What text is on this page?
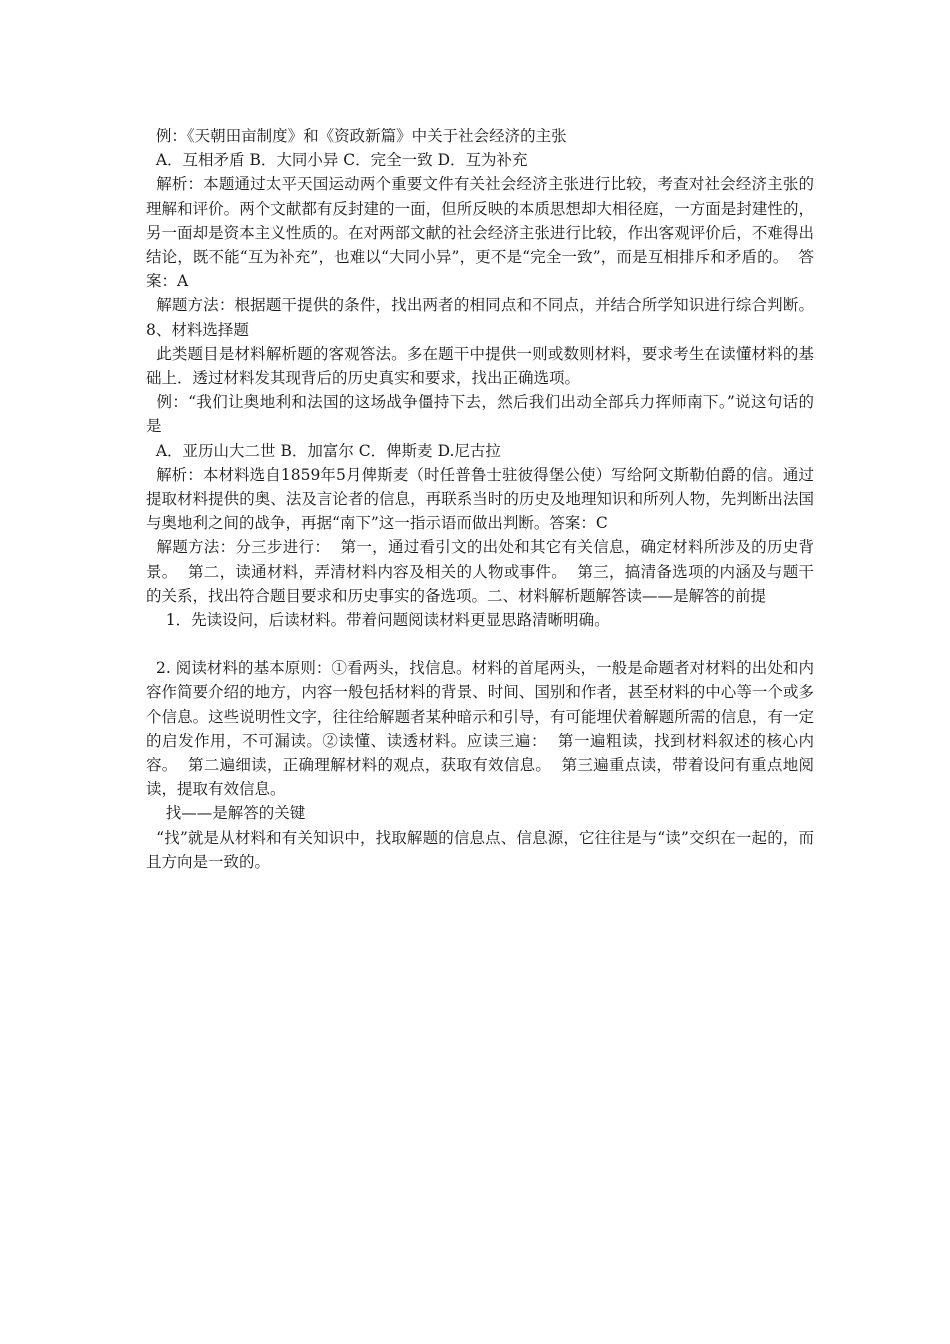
例：《天朝田亩制度》和《资政新篇》中关于社会经济的主张

A．互相矛盾 B．大同小异 C．完全一致 D．互为补充

解析：本题通过太平天国运动两个重要文件有关社会经济主张进行比较，考查对社会经济主张的理解和评价。两个文献都有反封建的一面，但所反映的本质思想却大相径庭，一方面是封建性的，另一面却是资本主义性质的。在对两部文献的社会经济主张进行比较，作出客观评价后，不难得出结论，既不能“互为补充”，也难以“大同小异”，更不是“完全一致”，而是互相排斥和矛盾的。  答案：A

解题方法：根据题干提供的条件，找出两者的相同点和不同点，并结合所学知识进行综合判断。 8、材料选择题

此类题目是材料解析题的客观答法。多在题干中提供一则或数则材料，要求考生在读懂材料的基础上．透过材料发其现背后的历史真实和要求，找出正确选项。

例：“我们让奥地利和法国的这场战争僵持下去，然后我们出动全部兵力挥师南下。”说这句话的是

A．亚历山大二世 B．加富尔 C．俾斯麦 D.尼古拉

解析：本材料选自1859年5月俾斯麦（时任普鲁士驻彼得堡公使）写给阿文斯勒伯爵的信。通过提取材料提供的奥、法及言论者的信息，再联系当时的历史及地理知识和所列人物，先判断出法国与奥地利之间的战争，再据“南下”这一指示语而做出判断。答案：C

解题方法：分三步进行：  第一，通过看引文的出处和其它有关信息，确定材料所涉及的历史背景。  第二，读通材料，弄清材料内容及相关的人物或事件。  第三，搞清备选项的内涵及与题干的关系，找出符合题目要求和历史事实的备选项。二、材料解析题解答读——是解答的前提

1．先读设问，后读材料。带着问题阅读材料更显思路清晰明确。

2. 阅读材料的基本原则：①看两头，找信息。材料的首尾两头，一般是命题者对材料的出处和内容作简要介绍的地方，内容一般包括材料的背景、时间、国别和作者，甚至材料的中心等一个或多个信息。这些说明性文字，往往给解题者某种暗示和引导，有可能埋伏着解题所需的信息，有一定的启发作用，不可漏读。②读懂、读透材料。应读三遍：  第一遍粗读，找到材料叙述的核心内容。  第二遍细读，正确理解材料的观点，获取有效信息。  第三遍重点读，带着设问有重点地阅读，提取有效信息。

找——是解答的关键

“找”就是从材料和有关知识中，找取解题的信息点、信息源，它往往是与“读”交织在一起的，而且方向是一致的。
